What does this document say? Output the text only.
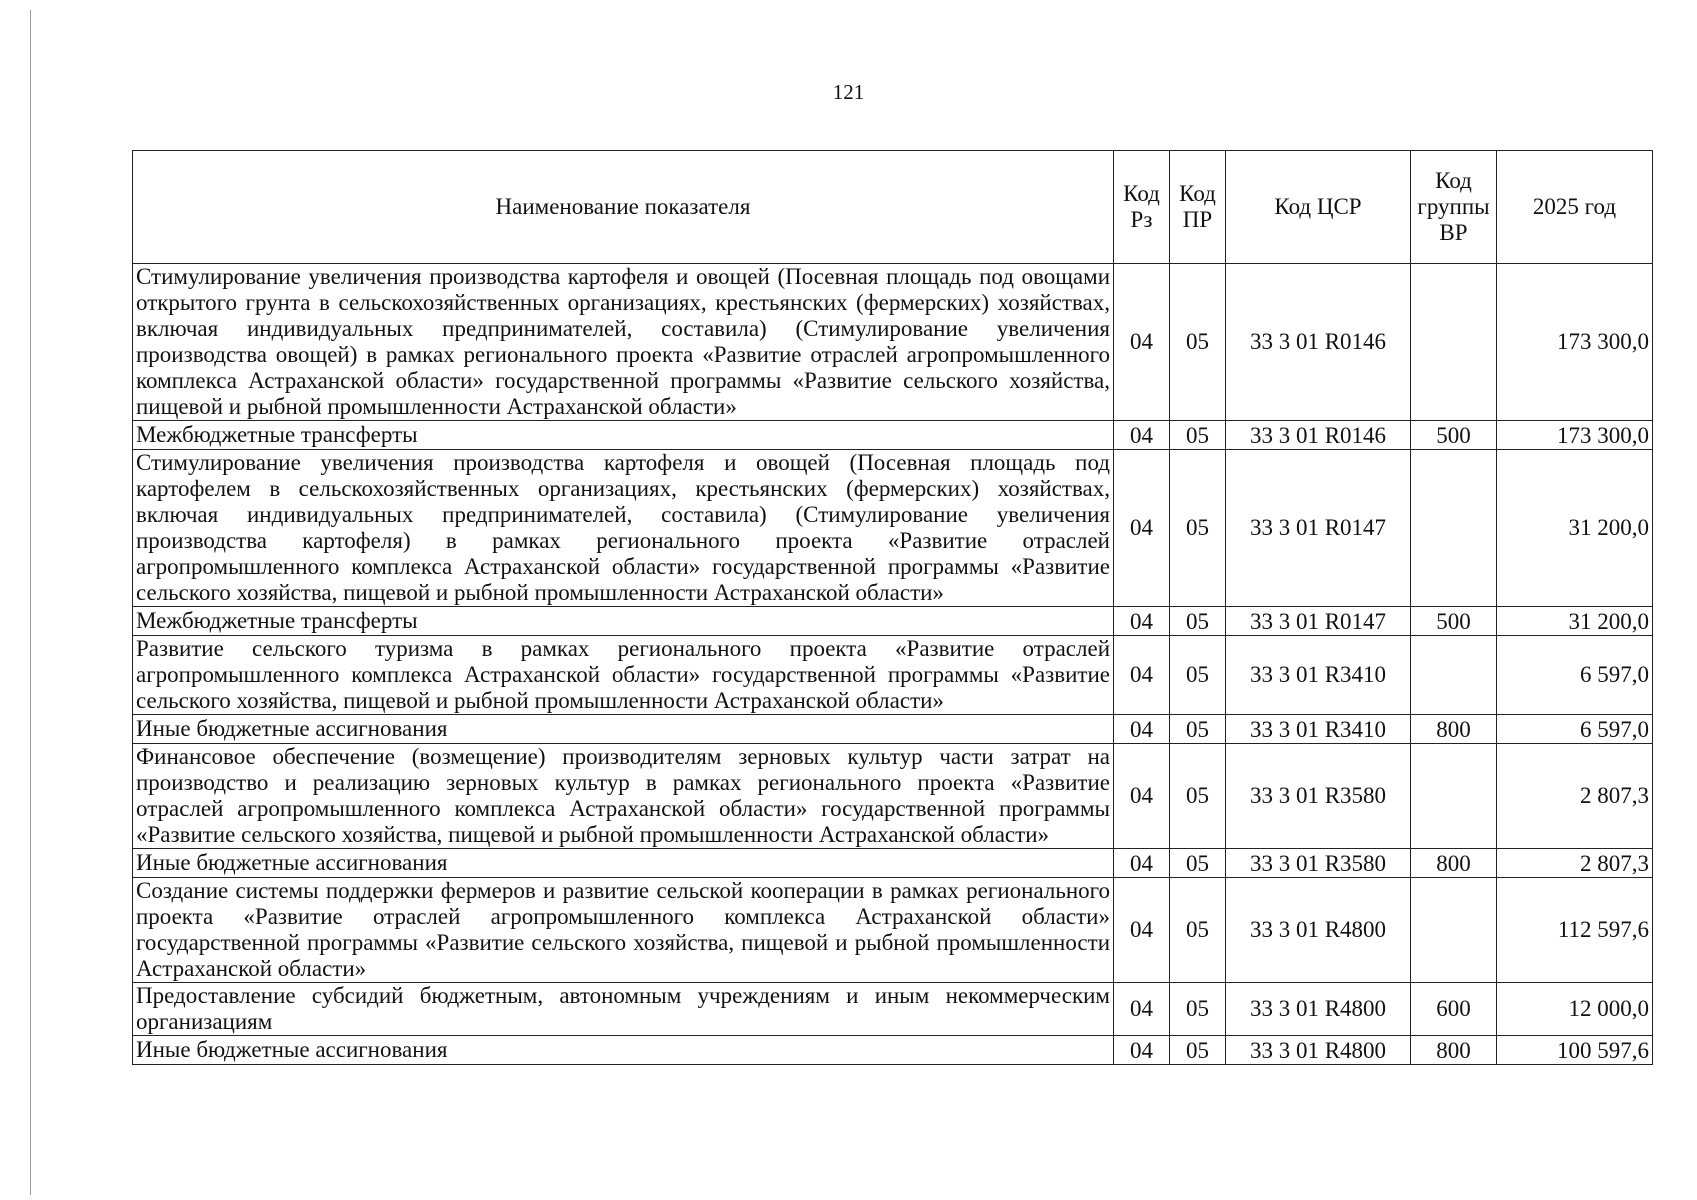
121
Наименование показателя	Код Рз	Код ПР	Код ЦСР	Код группы ВР	2025 год
Стимулирование увеличения производства картофеля и овощей (Посевная площадь под овощами открытого грунта в сельскохозяйственных организациях, крестьянских (фермерских) хозяйствах, включая индивидуальных предпринимателей, составила) (Стимулирование увеличения производства овощей) в рамках регионального проекта «Развитие отраслей агропромышленного комплекса Астраханской области» государственной программы «Развитие сельского хозяйства, пищевой и рыбной промышленности Астраханской области»	04	05	33 3 01 R0146		173 300,0
Межбюджетные трансферты	04	05	33 3 01 R0146	500	173 300,0
Стимулирование увеличения производства картофеля и овощей (Посевная площадь под картофелем в сельскохозяйственных организациях, крестьянских (фермерских) хозяйствах, включая индивидуальных предпринимателей, составила) (Стимулирование увеличения производства картофеля) в рамках регионального проекта «Развитие отраслей агропромышленного комплекса Астраханской области» государственной программы «Развитие сельского хозяйства, пищевой и рыбной промышленности Астраханской области»	04	05	33 3 01 R0147		31 200,0
Межбюджетные трансферты	04	05	33 3 01 R0147	500	31 200,0
Развитие сельского туризма в рамках регионального проекта «Развитие отраслей агропромышленного комплекса Астраханской области» государственной программы «Развитие сельского хозяйства, пищевой и рыбной промышленности Астраханской области»	04	05	33 3 01 R3410		6 597,0
Иные бюджетные ассигнования	04	05	33 3 01 R3410	800	6 597,0
Финансовое обеспечение (возмещение) производителям зерновых культур части затрат на производство и реализацию зерновых культур в рамках регионального проекта «Развитие отраслей агропромышленного комплекса Астраханской области» государственной программы «Развитие сельского хозяйства, пищевой и рыбной промышленности Астраханской области»	04	05	33 3 01 R3580		2 807,3
Иные бюджетные ассигнования	04	05	33 3 01 R3580	800	2 807,3
Создание системы поддержки фермеров и развитие сельской кооперации в рамках регионального проекта «Развитие отраслей агропромышленного комплекса Астраханской области» государственной программы «Развитие сельского хозяйства, пищевой и рыбной промышленности Астраханской области»	04	05	33 3 01 R4800		112 597,6
Предоставление субсидий бюджетным, автономным учреждениям и иным некоммерческим организациям	04	05	33 3 01 R4800	600	12 000,0
Иные бюджетные ассигнования	04	05	33 3 01 R4800	800	100 597,6
